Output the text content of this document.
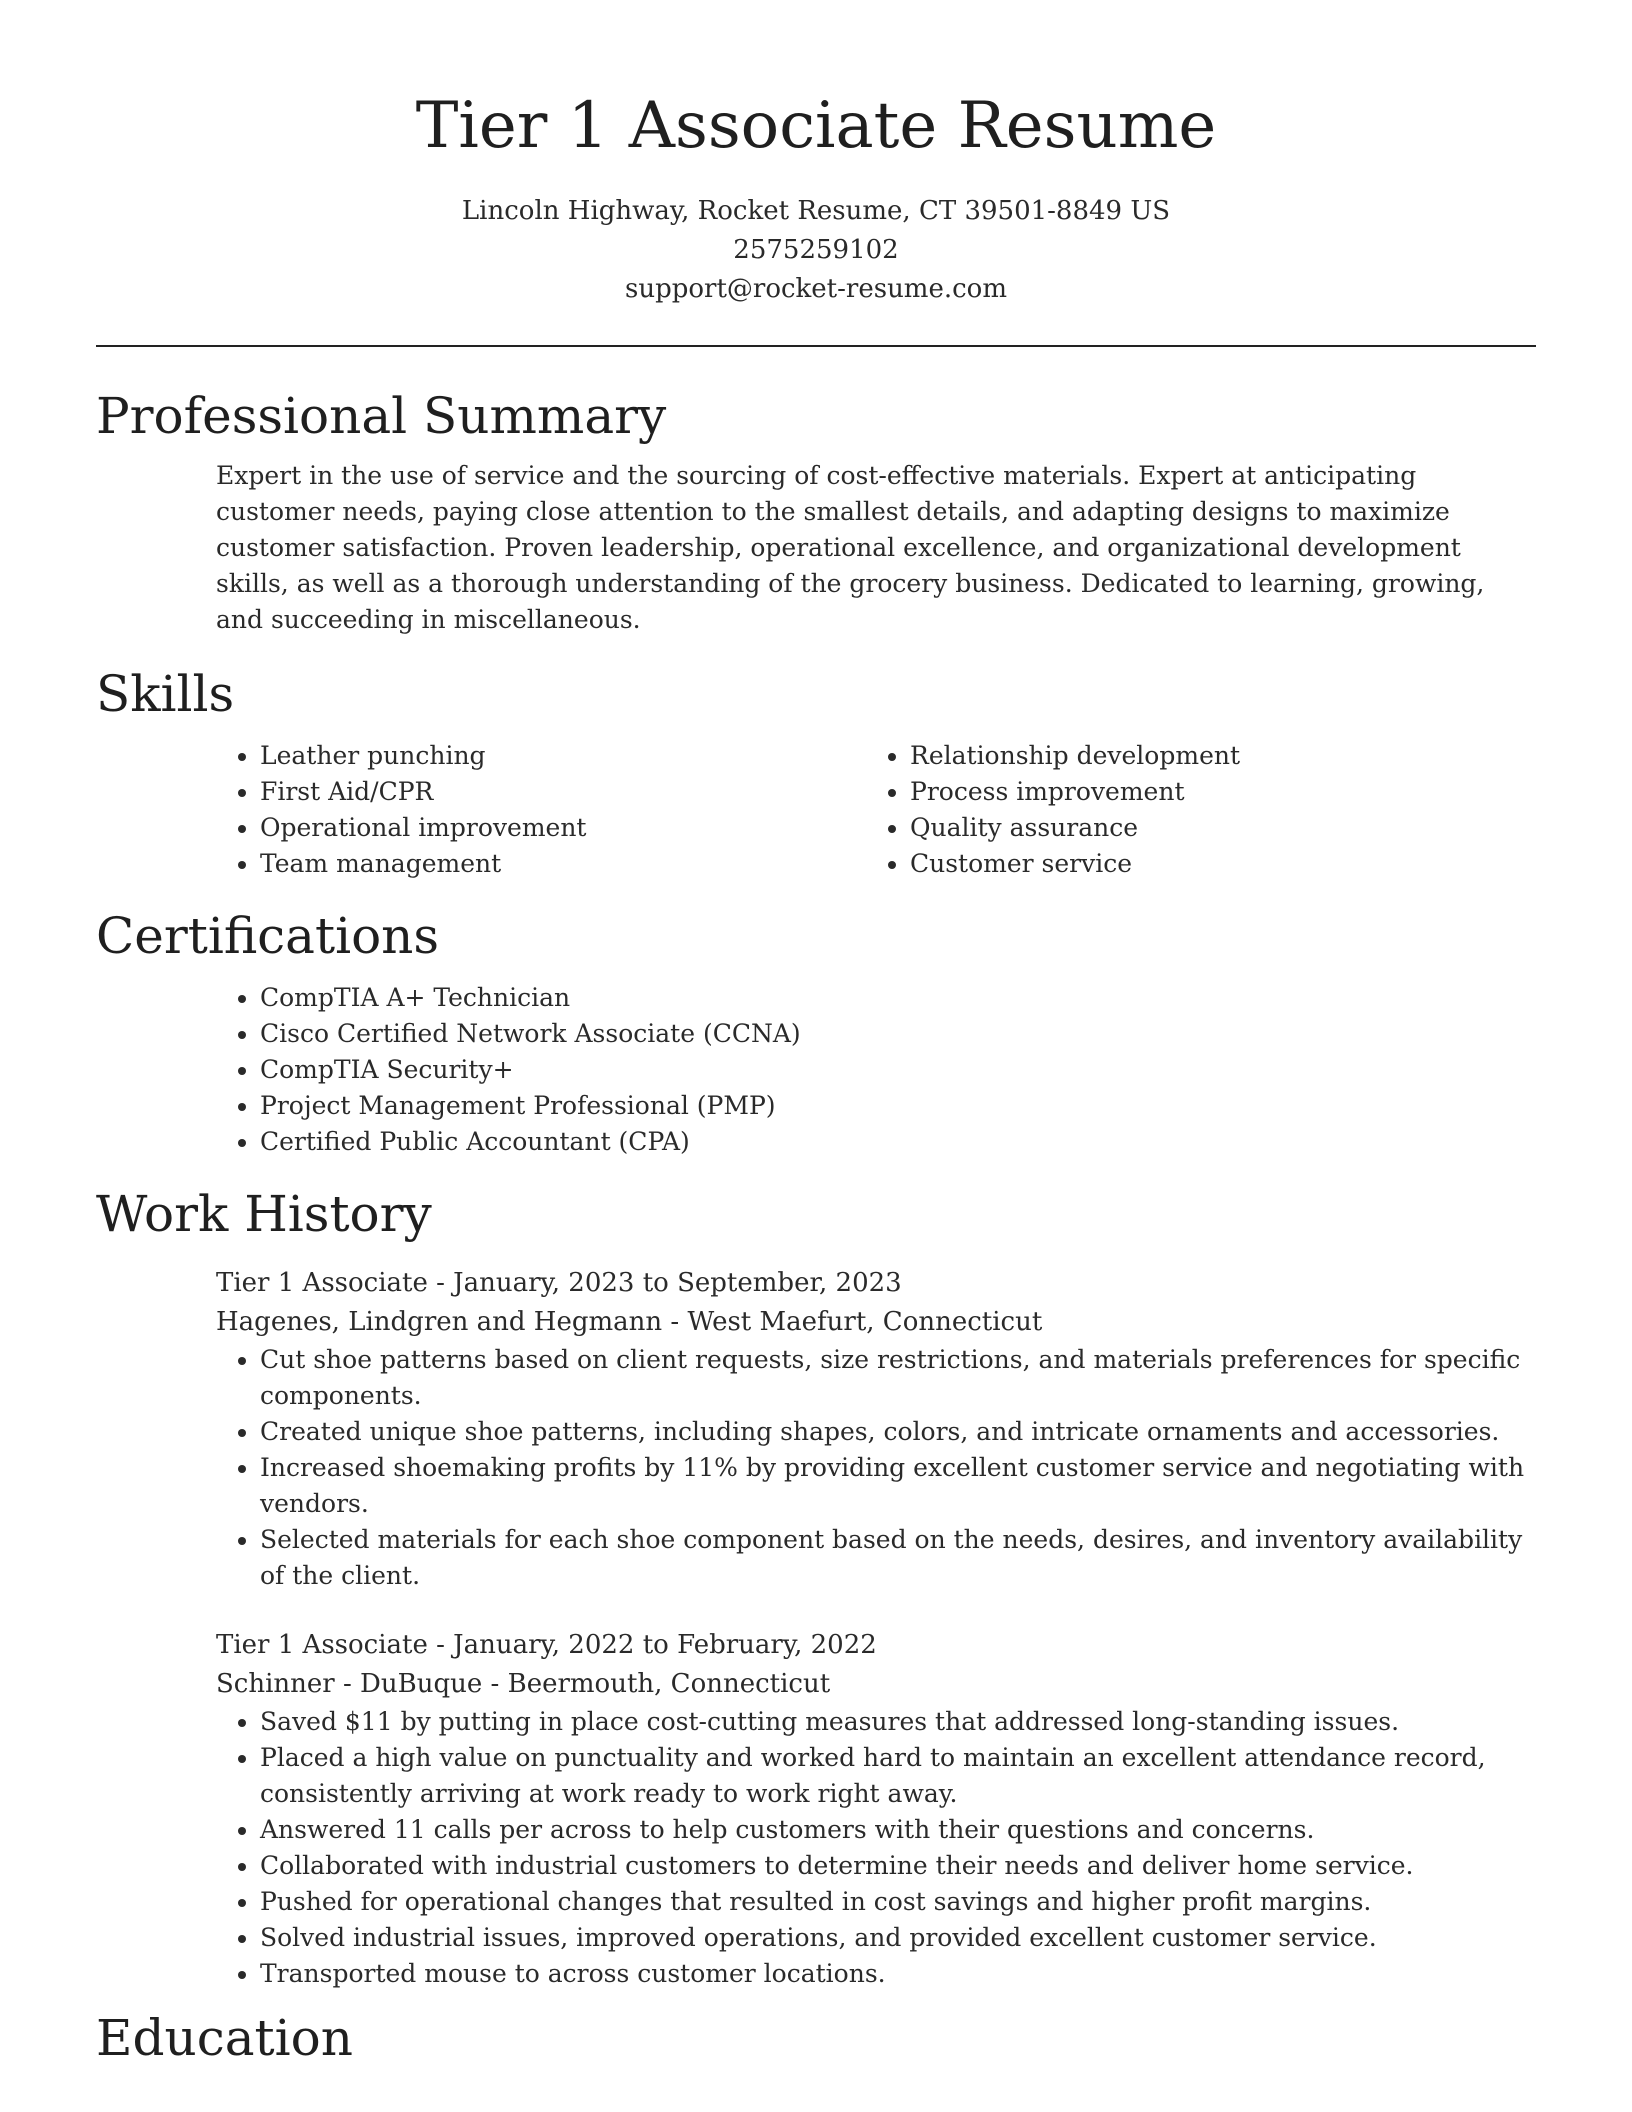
Tier 1 Associate Resume
Lincoln Highway, Rocket Resume, CT 39501-8849 US
2575259102
support@rocket-resume.com
Professional Summary

Expert in the use of service and the sourcing of cost-effective materials. Expert at anticipating customer needs, paying close attention to the smallest details, and adapting designs to maximize customer satisfaction. Proven leadership, operational excellence, and organizational development skills, as well as a thorough understanding of the grocery business. Dedicated to learning, growing, and succeeding in miscellaneous.

Skills
• Leather punching
• First Aid/CPR
• Operational improvement
• Team management
• Relationship development
• Process improvement
• Quality assurance
• Customer service
Certifications
• CompTIA A+ Technician
• Cisco Certified Network Associate (CCNA)
• CompTIA Security+
• Project Management Professional (PMP)
• Certified Public Accountant (CPA)
Work History
Tier 1 Associate - January, 2023 to September, 2023
Hagenes, Lindgren and Hegmann - West Maefurt, Connecticut
• Cut shoe patterns based on client requests, size restrictions, and materials preferences for specific components.
• Created unique shoe patterns, including shapes, colors, and intricate ornaments and accessories.
• Increased shoemaking profits by 11% by providing excellent customer service and negotiating with vendors.
• Selected materials for each shoe component based on the needs, desires, and inventory availability of the client.
Tier 1 Associate - January, 2022 to February, 2022
Schinner - DuBuque - Beermouth, Connecticut
• Saved $11 by putting in place cost-cutting measures that addressed long-standing issues.
• Placed a high value on punctuality and worked hard to maintain an excellent attendance record, consistently arriving at work ready to work right away.
• Answered 11 calls per across to help customers with their questions and concerns.
• Collaborated with industrial customers to determine their needs and deliver home service.
• Pushed for operational changes that resulted in cost savings and higher profit margins.
• Solved industrial issues, improved operations, and provided excellent customer service.
• Transported mouse to across customer locations.
Education
